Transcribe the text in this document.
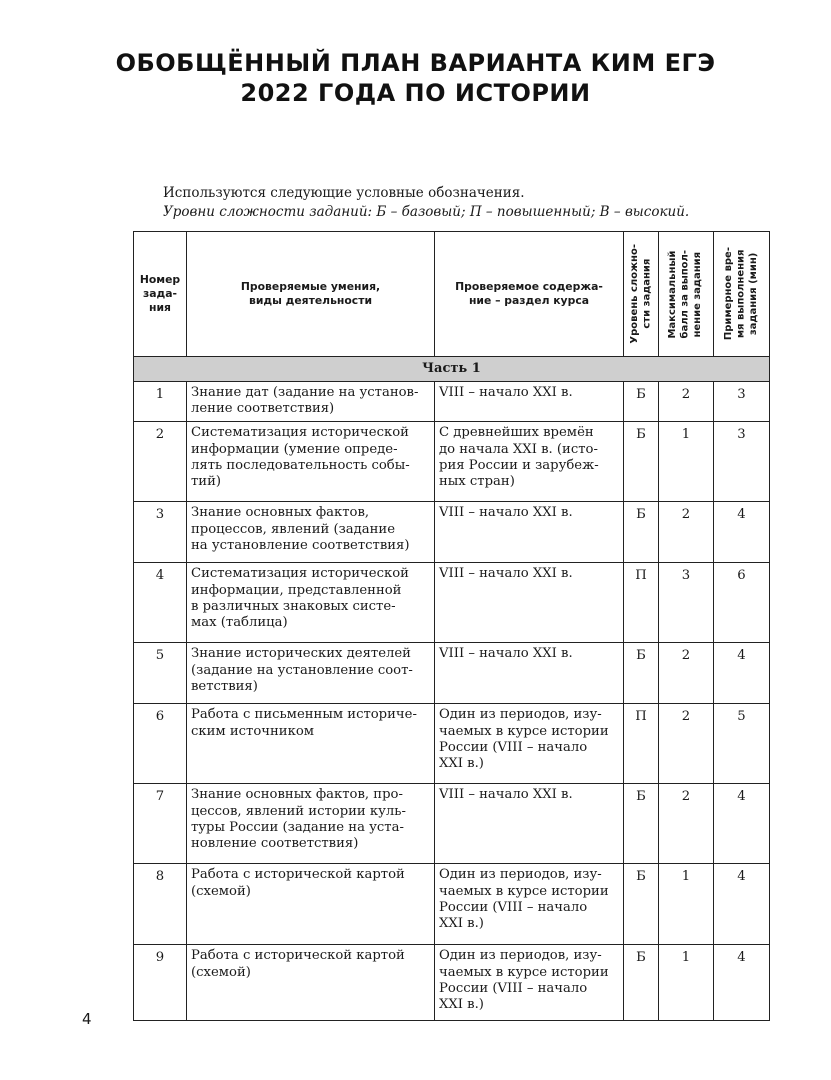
ОБОБЩЁННЫЙ ПЛАН ВАРИАНТА КИМ ЕГЭ
2022 ГОДА ПО ИСТОРИИ
Используются следующие условные обозначения.
Уровни сложности заданий: Б – базовый; П – повышенный; В – высокий.
Номер
зада-
ния	Проверяемые умения,
виды деятельности	Проверяемое содержа-
ние – раздел курса	Уровень сложно-
сти задания	Максимальный
балл за выпол-
нение задания	Примерное вре-
мя выполнения
задания (мин)

Часть 1					
1	Знание дат (задание на установ-
ление соответствия)	VIII – начало XXI в.	Б	2	3
2	Систематизация исторической
информации (умение опреде-
лять последовательность собы-
тий)	С древнейших времён
до начала XXI в. (исто-
рия России и зарубеж-
ных стран)	Б	1	3
3	Знание основных фактов,
процессов, явлений (задание
на установление соответствия)	VIII – начало XXI в.	Б	2	4
4	Систематизация исторической
информации, представленной
в различных знаковых систе-
мах (таблица)	VIII – начало XXI в.	П	3	6
5	Знание исторических деятелей
(задание на установление соот-
ветствия)	VIII – начало XXI в.	Б	2	4
6	Работа с письменным историче-
ским источником	Один из периодов, изу-
чаемых в курсе истории
России (VIII – начало
XXI в.)	П	2	5
7	Знание основных фактов, про-
цессов, явлений истории куль-
туры России (задание на уста-
новление соответствия)	VIII – начало XXI в.	Б	2	4
8	Работа с исторической картой
(схемой)	Один из периодов, изу-
чаемых в курсе истории
России (VIII – начало
XXI в.)	Б	1	4
9	Работа с исторической картой
(схемой)	Один из периодов, изу-
чаемых в курсе истории
России (VIII – начало
XXI в.)	Б	1	4
4
